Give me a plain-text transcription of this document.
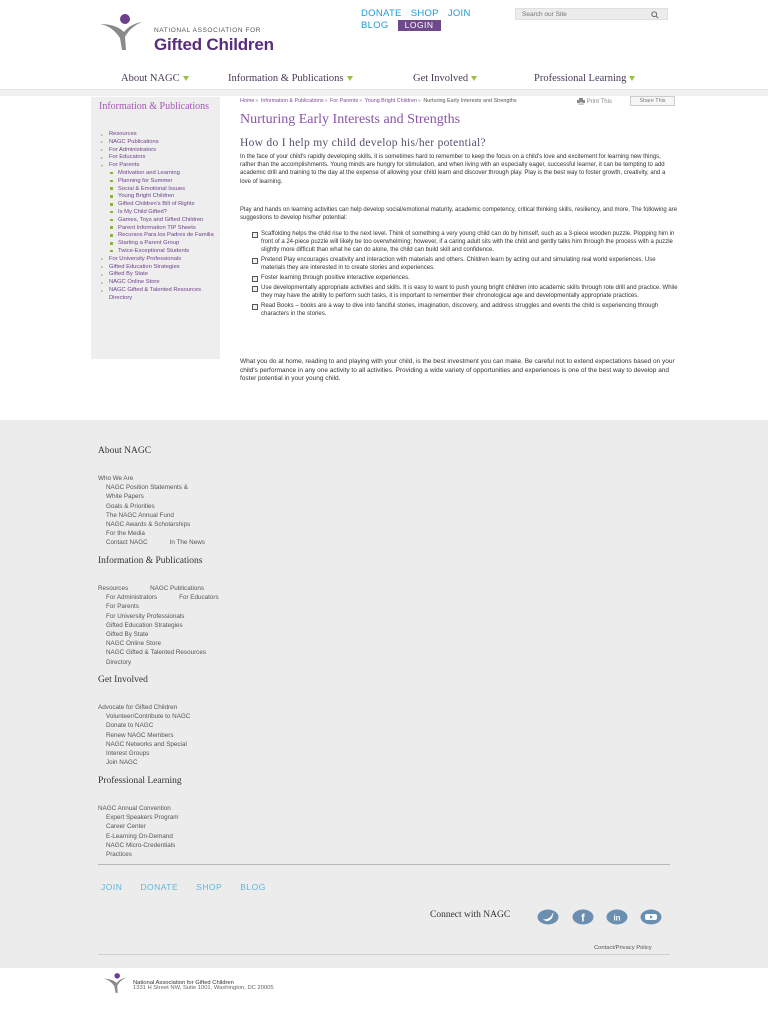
NATIONAL ASSOCIATION FOR
Gifted Children
DONATE SHOP JOIN
BLOG LOGIN
Search our Site
About NAGC	Information & Publications	Get Involved	Professional Learning
Information & Publications
Resources
NAGC Publications
For Administrators
For Educators
For Parents
Motivation and Learning
Planning for Summer
Social & Emotional Issues
Young Bright Children
Gifted Children's Bill of Rights
Is My Child Gifted?
Games, Toys and Gifted Children
Parent Information TIP Sheets
Recursos Para los Padres de Familia
Starting a Parent Group
Twice-Exceptional Students
For University Professionals
Gifted Education Strategies
Gifted By State
NAGC Online Store
NAGC Gifted & Talented Resources Directory
Home» Information & Publications» For Parents» Young Bright Children» Nurturing Early Interests and Strengths	Print This	Share This
Nurturing Early Interests and Strengths
How do I help my child develop his/her potential?

In the face of your child's rapidly developing skills, it is sometimes hard to remember to keep the focus on a child's love and excitement for learning new things, rather than the accomplishments. Young minds are hungry for stimulation, and when living with an especially eager, successful learner, it can be tempting to add academic drill and training to the day at the expense of allowing your child learn and discover through play. Play is the best way to foster growth, creativity, and a love of learning.

Play and hands on learning activities can help develop social/emotional maturity, academic competency, critical thinking skills, resiliency, and more. The following are suggestions to develop his/her potential:

Scaffolding helps the child rise to the next level. Think of something a very young child can do by himself, such as a 3-piece wooden puzzle. Plopping him in front of a 24-piece puzzle will likely be too overwhelming; however, if a caring adult sits with the child and gently talks him through the process with a puzzle slightly more difficult than what he can do alone, the child can build skill and confidence.
Pretend Play encourages creativity and interaction with materials and others. Children learn by acting out and simulating real world experiences. Use materials they are interested in to create stories and experiences.
Foster learning through positive interactive experiences.
Use developmentally appropriate activities and skills. It is easy to want to push young bright children into academic skills through rote drill and practice. While they may have the ability to perform such tasks, it is important to remember their chronological age and developmentally appropriate practices.
Read Books – books are a way to dive into fanciful stories, imagination, discovery, and address struggles and events the child is experiencing through characters in the stories.

What you do at home, reading to and playing with your child, is the best investment you can make. Be careful not to extend expectations based on your child's performance in any one activity to all activities. Providing a wide variety of opportunities and experiences is one of the best way to develop and foster potential in your young child.

About NAGC
Who We Are
NAGC Position Statements &
White Papers
Goals & Priorities
The NAGC Annual Fund
NAGC Awards & Scholarships
For the Media
Contact NAGC	In The News
Information & Publications
Resources	NAGC Publications
For Administrators	For Educators
For Parents
For University Professionals
Gifted Education Strategies
Gifted By State
NAGC Online Store
NAGC Gifted & Talented Resources
Directory
Get Involved
Advocate for Gifted Children
Volunteer/Contribute to NAGC
Donate to NAGC
Renew NAGC Members
NAGC Networks and Special
Interest Groups
Join NAGC
Professional Learning
NAGC Annual Convention
Expert Speakers Program
Career Center
E-Learning On-Demand
NAGC Micro-Credentials
Practices
JOIN DONATE SHOP BLOG
Connect with NAGC	f	in
Contact/Privacy Policy
National Association for Gifted Children
1331 H Street NW, Suite 1001, Washington, DC 20005
